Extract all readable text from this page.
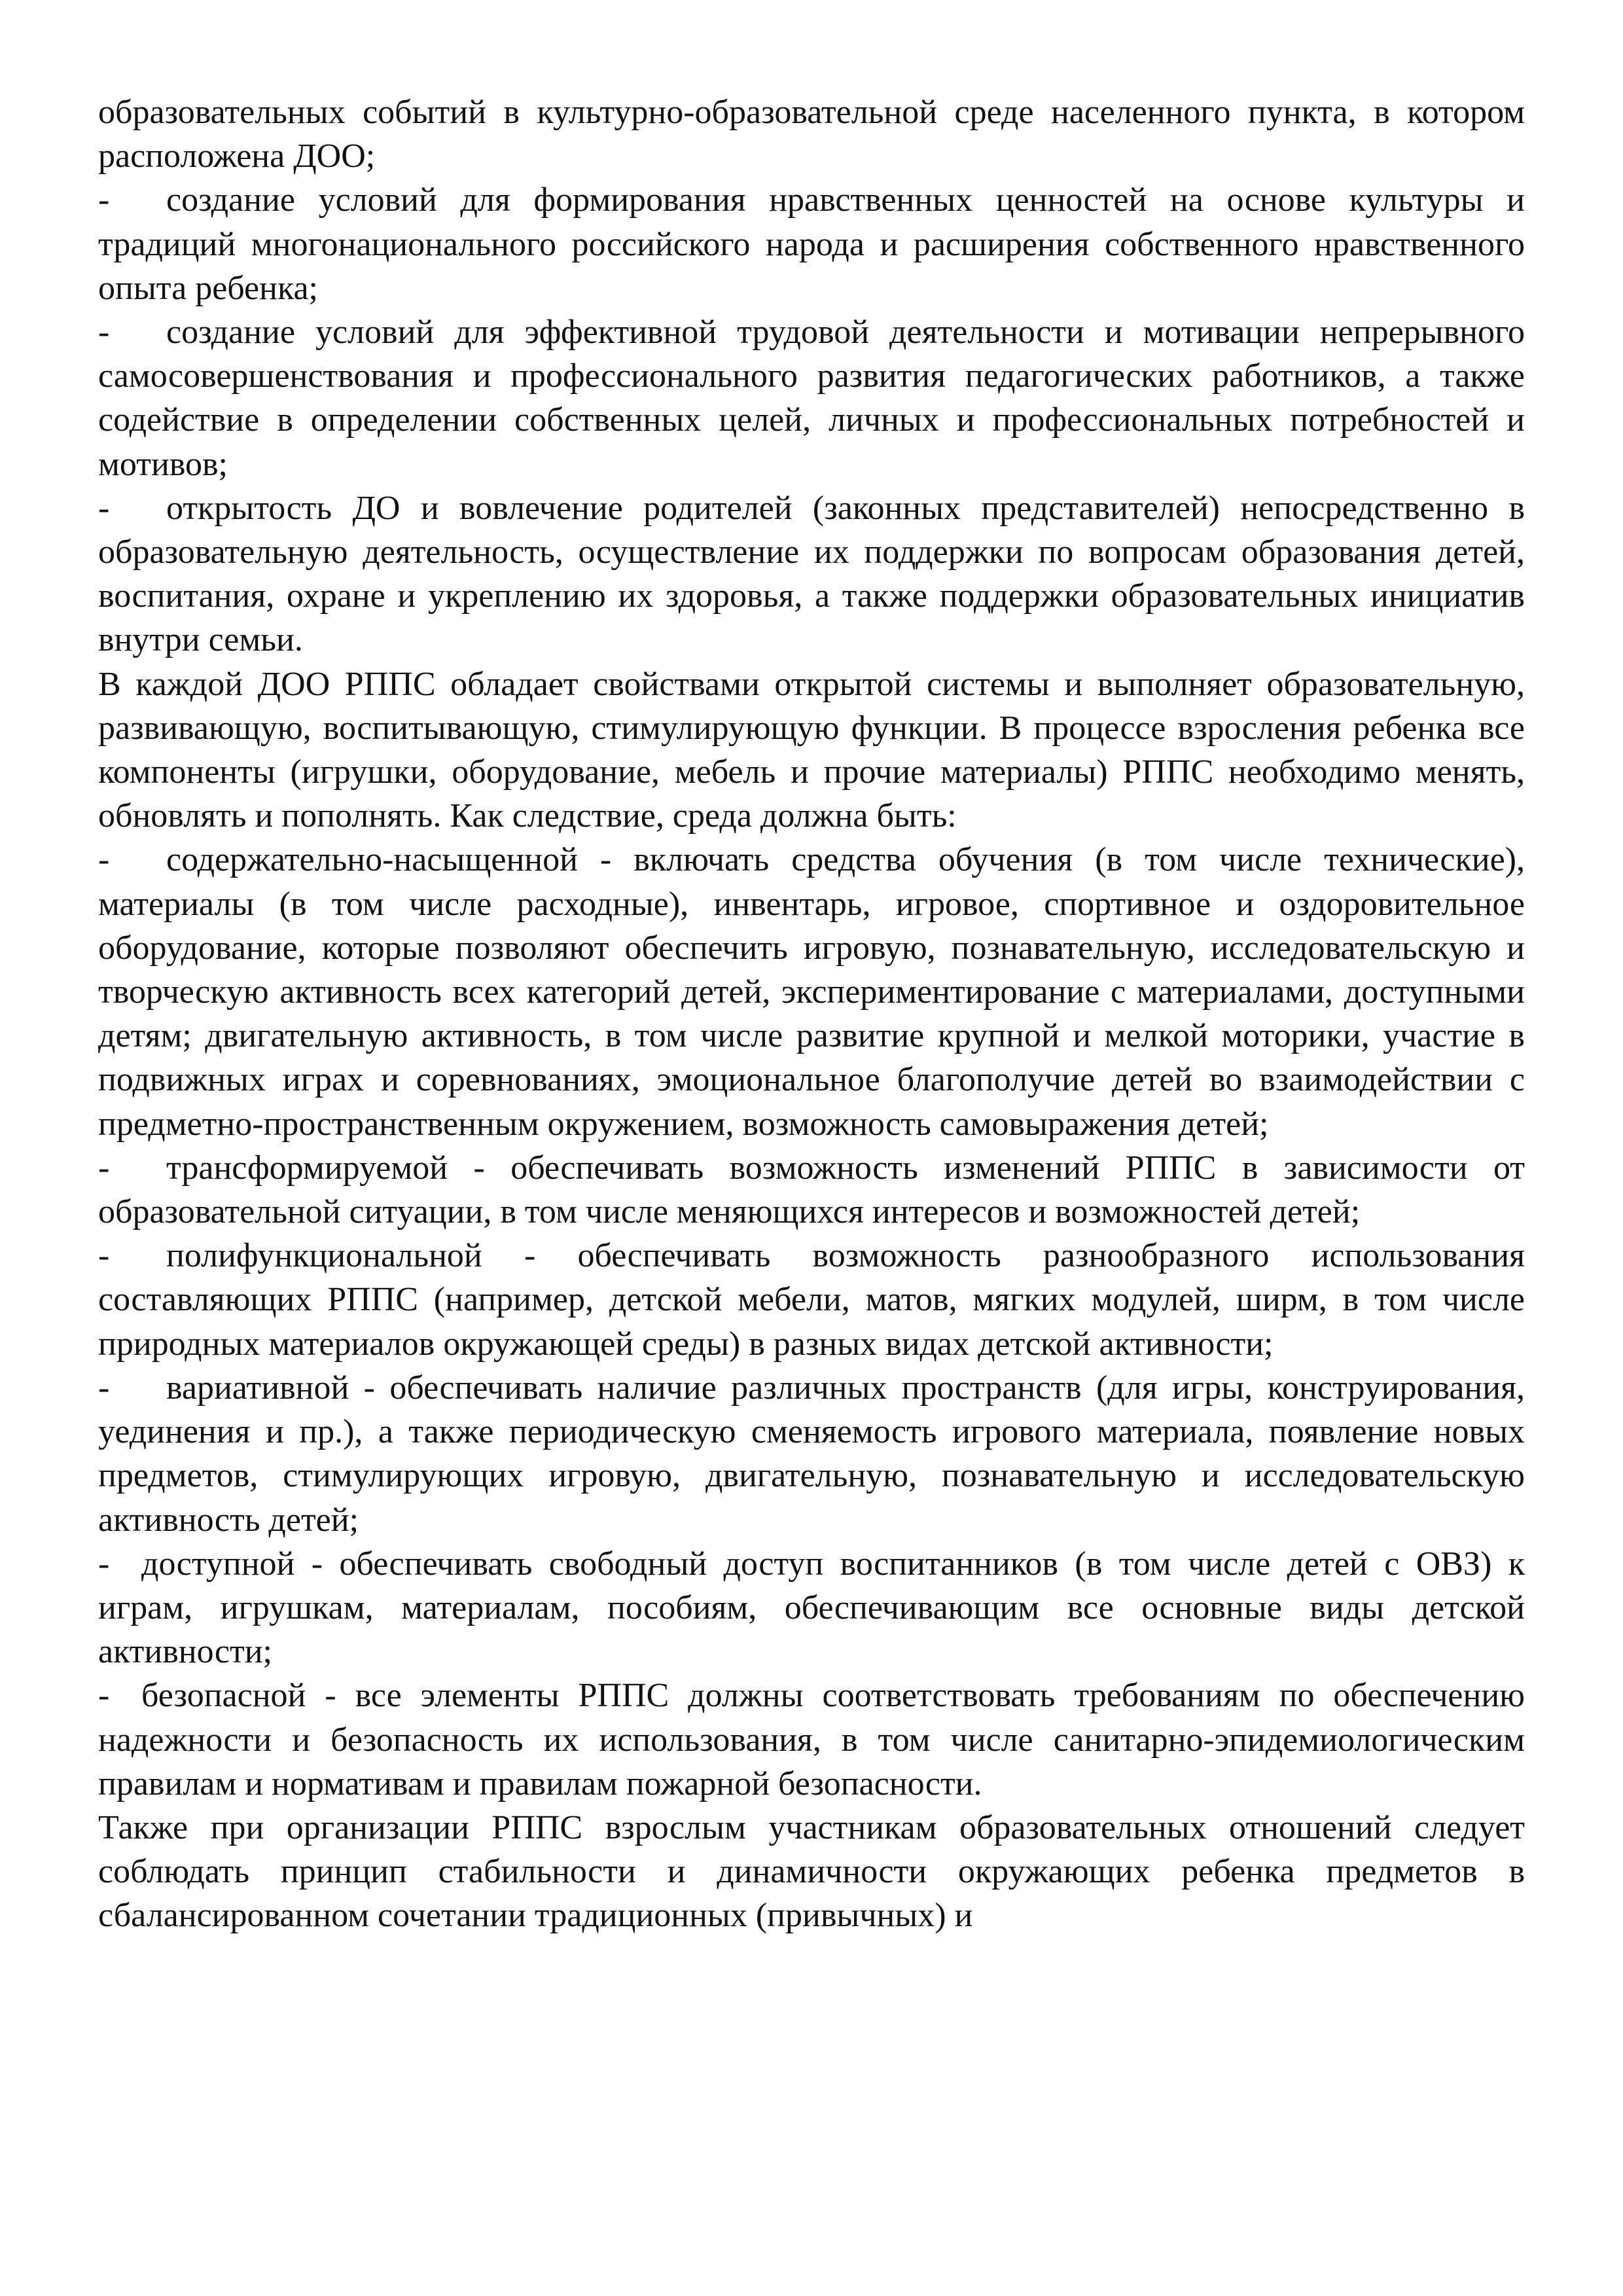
образовательных событий в культурно-образовательной среде населенного пункта, в котором расположена ДОО;

- создание условий для формирования нравственных ценностей на основе культуры и традиций многонационального российского народа и расширения собственного нравственного опыта ребенка;

- создание условий для эффективной трудовой деятельности и мотивации непрерывного самосовершенствования и профессионального развития педагогических работников, а также содействие в определении собственных целей, личных и профессиональных потребностей и мотивов;

- открытость ДО и вовлечение родителей (законных представителей) непосредственно в образовательную деятельность, осуществление их поддержки по вопросам образования детей, воспитания, охране и укреплению их здоровья, а также поддержки образовательных инициатив внутри семьи.

В каждой ДОО РППС обладает свойствами открытой системы и выполняет образовательную, развивающую, воспитывающую, стимулирующую функции. В процессе взросления ребенка все компоненты (игрушки, оборудование, мебель и прочие материалы) РППС необходимо менять, обновлять и пополнять. Как следствие, среда должна быть:

- содержательно-насыщенной - включать средства обучения (в том числе технические), материалы (в том числе расходные), инвентарь, игровое, спортивное и оздоровительное оборудование, которые позволяют обеспечить игровую, познавательную, исследовательскую и творческую активность всех категорий детей, экспериментирование с материалами, доступными детям; двигательную активность, в том числе развитие крупной и мелкой моторики, участие в подвижных играх и соревнованиях, эмоциональное благополучие детей во взаимодействии с предметно-пространственным окружением, возможность самовыражения детей;

- трансформируемой - обеспечивать возможность изменений РППС в зависимости от образовательной ситуации, в том числе меняющихся интересов и возможностей детей;

- полифункциональной - обеспечивать возможность разнообразного использования составляющих РППС (например, детской мебели, матов, мягких модулей, ширм, в том числе природных материалов окружающей среды) в разных видах детской активности;

- вариативной - обеспечивать наличие различных пространств (для игры, конструирования, уединения и пр.), а также периодическую сменяемость игрового материала, появление новых предметов, стимулирующих игровую, двигательную, познавательную и исследовательскую активность детей;

- доступной - обеспечивать свободный доступ воспитанников (в том числе детей с ОВЗ) к играм, игрушкам, материалам, пособиям, обеспечивающим все основные виды детской активности;

- безопасной - все элементы РППС должны соответствовать требованиям по обеспечению надежности и безопасность их использования, в том числе санитарно-эпидемиологическим правилам и нормативам и правилам пожарной безопасности.

Также при организации РППС взрослым участникам образовательных отношений следует соблюдать принцип стабильности и динамичности окружающих ребенка предметов в сбалансированном сочетании традиционных (привычных) и
